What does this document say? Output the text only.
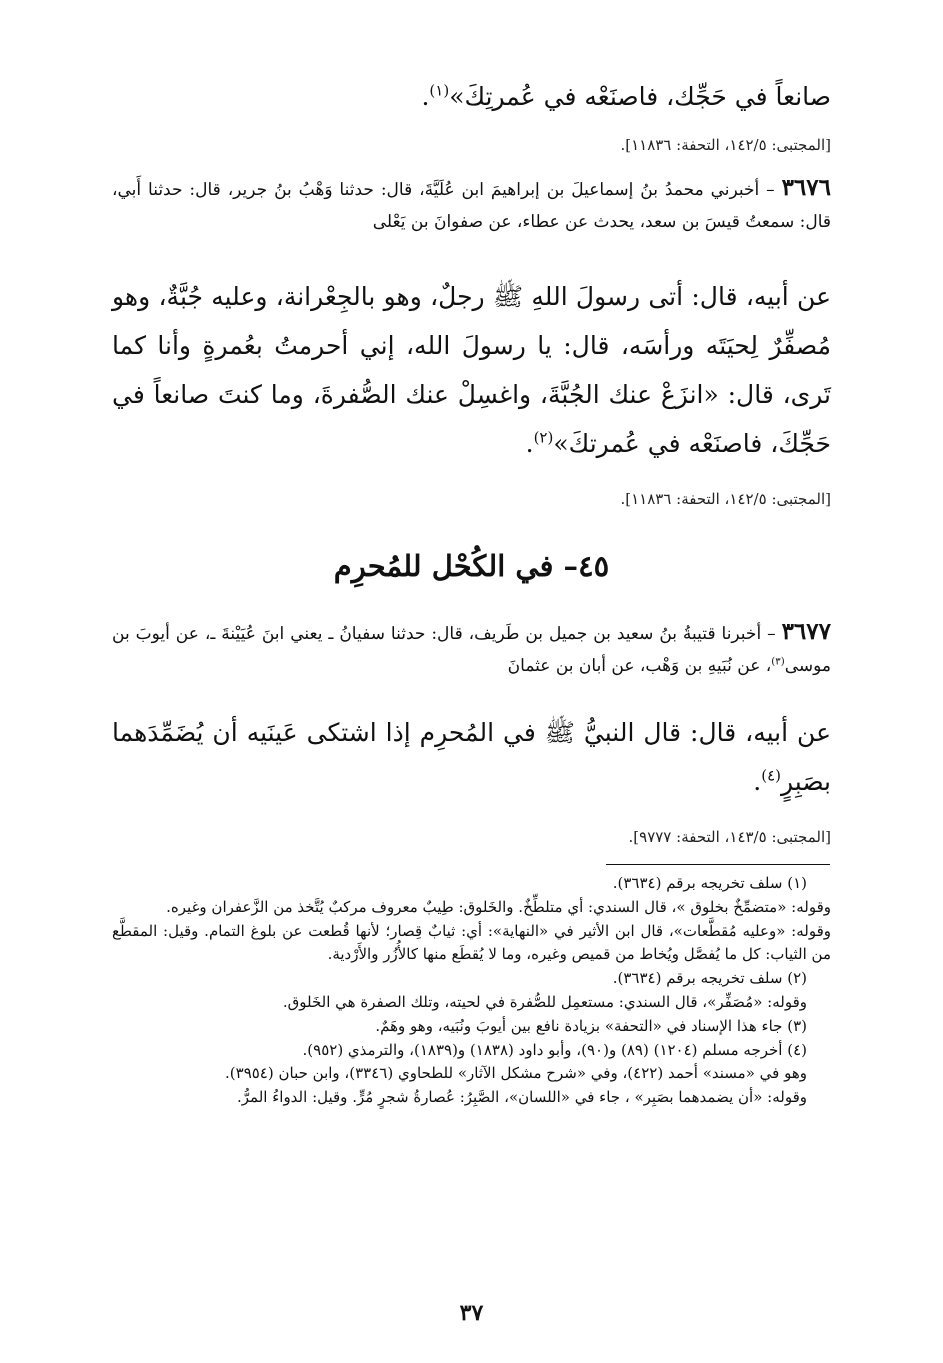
صانعاً في حَجِّك، فاصنَعْه في عُمرتِكَ»$^{(١)}$.

[المجتبى: ١٤٢/٥، التحفة: ١١٨٣٦].

٣٦٧٦ – أخبرني محمدُ بنُ إسماعيلَ بن إبراهيمَ ابن عُلَيَّةَ، قال: حدثنا وَهْبُ بنُ جرير، قال: حدثنا أَبي، قال: سمعتُ قيسَ بن سعد، يحدث عن عطاء، عن صفوانَ بن يَعْلى

عن أبيه، قال: أتى رسولَ اللهِ ﷺ رجلٌ، وهو بالجِعْرانة، وعليه جُبَّةٌ، وهو مُصفِّرٌ لِحيَتَه ورأسَه، قال: يا رسولَ الله، إني أحرمتُ بعُمرةٍ وأنا كما تَرى، قال: «انزَعْ عنك الجُبَّةَ، واغسِلْ عنك الصُّفرةَ، وما كنتَ صانعاً في حَجِّكَ، فاصنَعْه في عُمرتكَ»$^{(٢)}$.

[المجتبى: ١٤٢/٥، التحفة: ١١٨٣٦].

٤٥– في الكُحْل للمُحرِم

٣٦٧٧ – أخبرنا قتيبةُ بنُ سعيد بن جميل بن طَريف، قال: حدثنا سفيانُ ـ يعني ابنَ عُيَيْنةَ ـ، عن أيوبَ بن موسى$^{(٣)}$، عن نُبَيهِ بن وَهْب، عن أبان بن عثمانَ

عن أبيه، قال: قال النبيُّ ﷺ في المُحرِم إذا اشتكى عَينَيه أن يُضَمِّدَهما بصَبِرٍ$^{(٤)}$.

[المجتبى: ١٤٣/٥، التحفة: ٩٧٧٧].

(١) سلف تخريجه برقم (٣٦٣٤).

وقوله: «متضمِّخٌ بخلوق »، قال السندي: أي متلطِّخٌ. والخَلوق: طِيبٌ معروف مركبٌ يُتَّخذ من الزَّعفران وغيره.

وقوله: «وعليه مُقطَّعات»، قال ابن الأثير في «النهاية»: أي: ثيابٌ قِصار؛ لأنها قُطعت عن بلوغ التمام. وقيل: المقطَّع من الثياب: كل ما يُفصَّل ويُخاط من قميص وغيره، وما لا يُقطَع منها كالأُزُر والأَرْدية.

(٢) سلف تخريجه برقم (٣٦٣٤).

وقوله: «مُصَفِّر»، قال السندي: مستعمِل للصُّفرة في لحيته، وتلك الصفرة هي الخَلوق.

(٣) جاء هذا الإسناد في «التحفة» بزيادة نافع بين أيوبَ ونُبَيه، وهو وهَمٌ.

(٤) أخرجه مسلم (١٢٠٤) (٨٩) و(٩٠)، وأبو داود (١٨٣٨) و(١٨٣٩)، والترمذي (٩٥٢).

وهو في «مسند» أحمد (٤٢٢)، وفي «شرح مشكل الآثار» للطحاوي (٣٣٤٦)، وابن حبان (٣٩٥٤).

وقوله: «أن يضمدهما بصَبِر» ، جاء في «اللسان»، الصَّبِرُ: عُصارةُ شجرٍ مُرٍّ. وقيل: الدواءُ المرُّ.

٣٧
